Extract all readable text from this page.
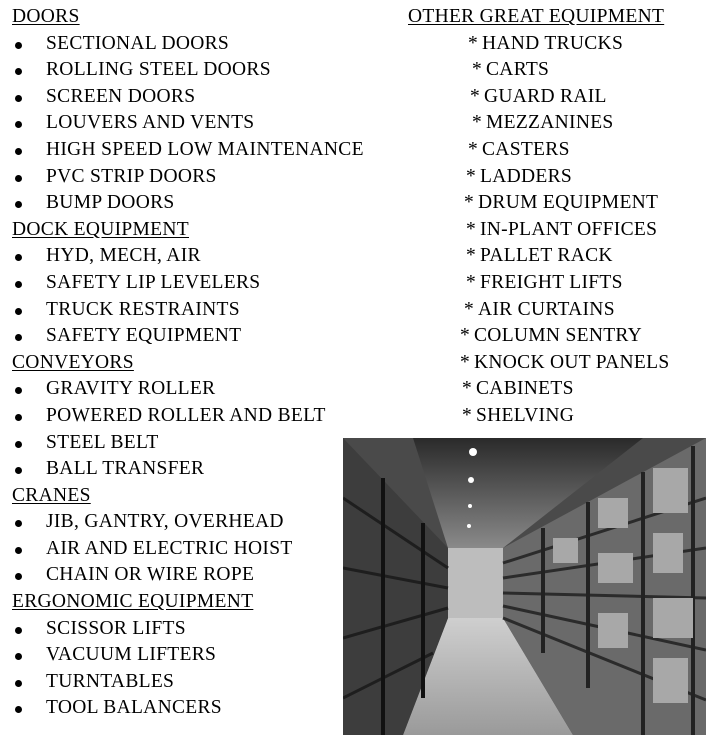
DOORS
SECTIONAL DOORS
ROLLING STEEL DOORS
SCREEN DOORS
LOUVERS AND VENTS
HIGH SPEED LOW MAINTENANCE
PVC STRIP DOORS
BUMP DOORS
DOCK EQUIPMENT
HYD, MECH, AIR
SAFETY LIP LEVELERS
TRUCK RESTRAINTS
SAFETY EQUIPMENT
CONVEYORS
GRAVITY ROLLER
POWERED ROLLER AND BELT
STEEL BELT
BALL TRANSFER
CRANES
JIB, GANTRY, OVERHEAD
AIR AND ELECTRIC HOIST
CHAIN OR WIRE ROPE
ERGONOMIC EQUIPMENT
SCISSOR LIFTS
VACUUM LIFTERS
TURNTABLES
TOOL BALANCERS
OTHER GREAT EQUIPMENT
* HAND TRUCKS
* CARTS
* GUARD RAIL
* MEZZANINES
* CASTERS
* LADDERS
* DRUM EQUIPMENT
* IN-PLANT OFFICES
* PALLET RACK
* FREIGHT LIFTS
* AIR CURTAINS
* COLUMN SENTRY
* KNOCK OUT PANELS
* CABINETS
* SHELVING
